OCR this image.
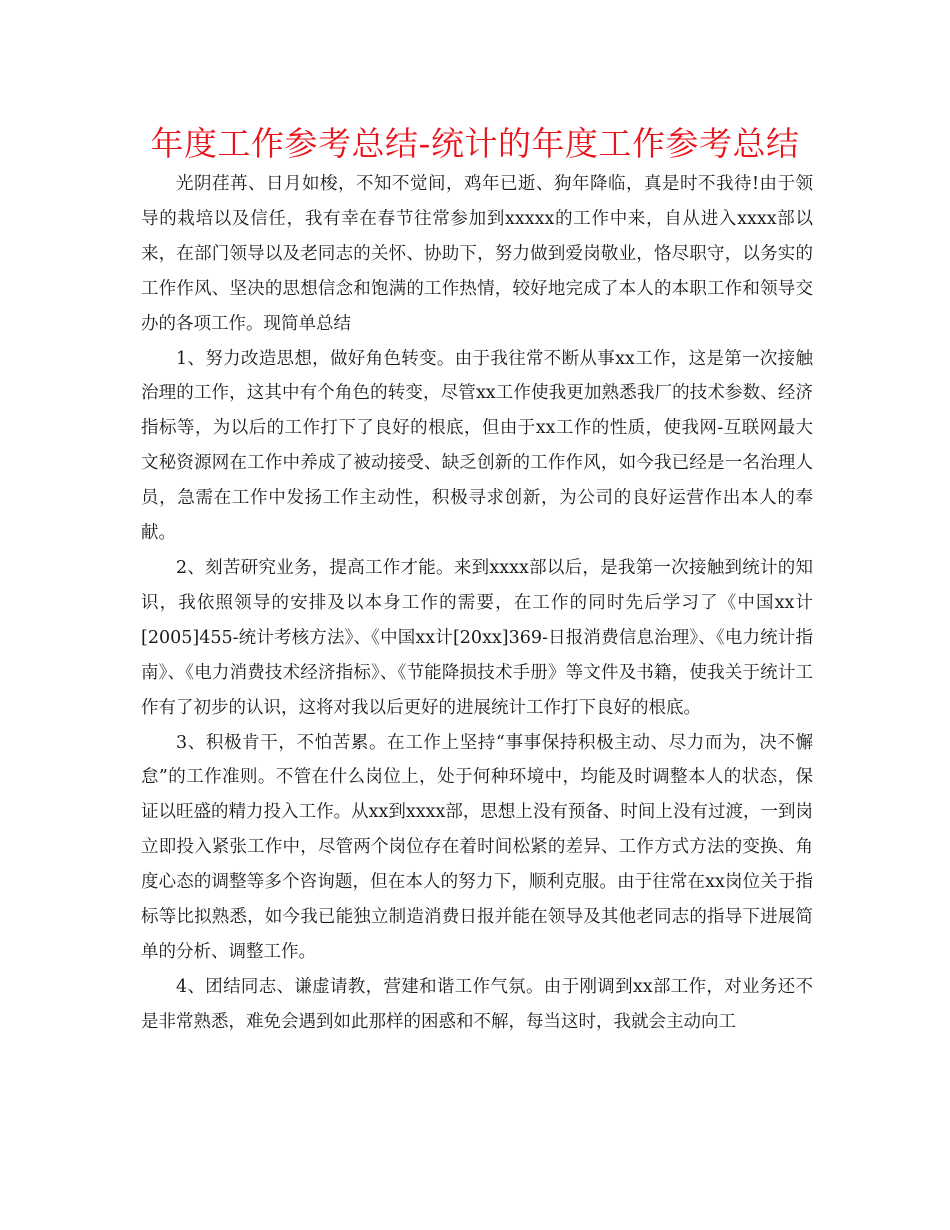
年度工作参考总结-统计的年度工作参考总结

光阴荏苒、日月如梭，不知不觉间，鸡年已逝、狗年降临，真是时不我待!由于领导的栽培以及信任，我有幸在春节往常参加到xxxxx的工作中来，自从进入xxxx部以来，在部门领导以及老同志的关怀、协助下，努力做到爱岗敬业，恪尽职守，以务实的工作作风、坚决的思想信念和饱满的工作热情，较好地完成了本人的本职工作和领导交办的各项工作。现简单总结

1、努力改造思想，做好角色转变。由于我往常不断从事xx工作，这是第一次接触治理的工作，这其中有个角色的转变，尽管xx工作使我更加熟悉我厂的技术参数、经济指标等，为以后的工作打下了良好的根底，但由于xx工作的性质，使我网-互联网最大文秘资源网在工作中养成了被动接受、缺乏创新的工作作风，如今我已经是一名治理人员，急需在工作中发扬工作主动性，积极寻求创新，为公司的良好运营作出本人的奉献。

2、刻苦研究业务，提高工作才能。来到xxxx部以后，是我第一次接触到统计的知识，我依照领导的安排及以本身工作的需要，在工作的同时先后学习了《中国xx计[2005]455-统计考核方法》、《中国xx计[20xx]369-日报消费信息治理》、《电力统计指南》、《电力消费技术经济指标》、《节能降损技术手册》等文件及书籍，使我关于统计工作有了初步的认识，这将对我以后更好的进展统计工作打下良好的根底。

3、积极肯干，不怕苦累。在工作上坚持“事事保持积极主动、尽力而为，决不懈怠”的工作准则。不管在什么岗位上，处于何种环境中，均能及时调整本人的状态，保证以旺盛的精力投入工作。从xx到xxxx部，思想上没有预备、时间上没有过渡，一到岗立即投入紧张工作中，尽管两个岗位存在着时间松紧的差异、工作方式方法的变换、角度心态的调整等多个咨询题，但在本人的努力下，顺利克服。由于往常在xx岗位关于指标等比拟熟悉，如今我已能独立制造消费日报并能在领导及其他老同志的指导下进展简单的分析、调整工作。

4、团结同志、谦虚请教，营建和谐工作气氛。由于刚调到xx部工作，对业务还不是非常熟悉，难免会遇到如此那样的困惑和不解，每当这时，我就会主动向工
